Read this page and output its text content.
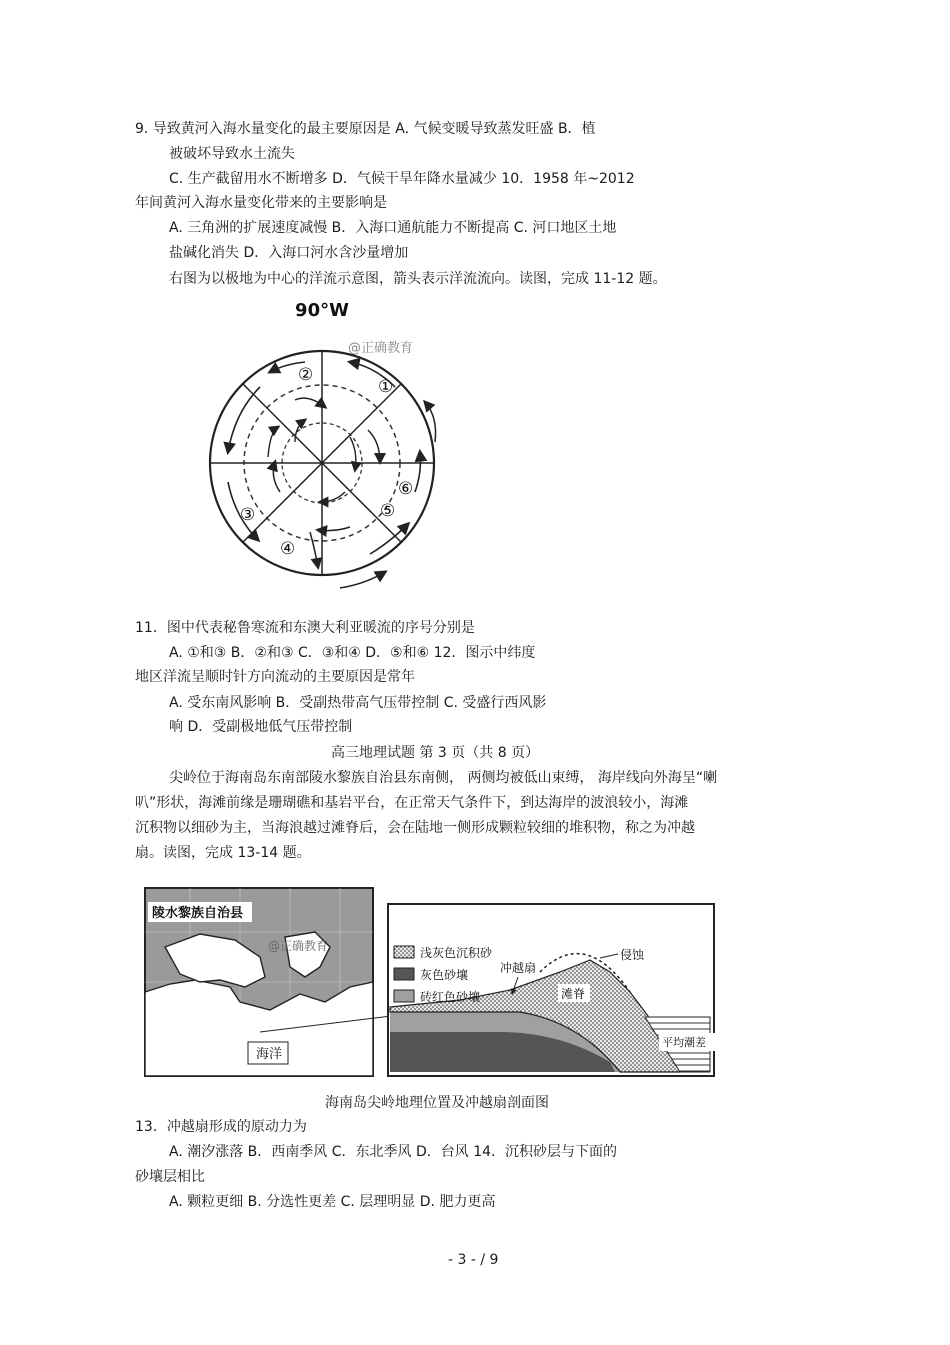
9. 导致黄河入海水量变化的最主要原因是 A. 气候变暖导致蒸发旺盛 B．植
被破坏导致水土流失
C. 生产截留用水不断增多 D．气候干旱年降水量减少 10．1958 年~2012
年间黄河入海水量变化带来的主要影响是
A. 三角洲的扩展速度减慢 B．入海口通航能力不断提高 C. 河口地区土地
盐碱化消失 D．入海口河水含沙量增加
右图为以极地为中心的洋流示意图，箭头表示洋流流向。读图，完成 11-12 题。
90°W
@正确教育
①
②
③
④
⑤
⑥
11．图中代表秘鲁寒流和东澳大利亚暖流的序号分别是
A. ①和③ B．②和③ C．③和④ D．⑤和⑥ 12．图示中纬度
地区洋流呈顺时针方向流动的主要原因是常年
A. 受东南风影响 B．受副热带高气压带控制 C. 受盛行西风影
响 D．受副极地低气压带控制
高三地理试题 第 3 页（共 8 页）
尖岭位于海南岛东南部陵水黎族自治县东南侧， 两侧均被低山束缚， 海岸线向外海呈“喇
叭”形状，海滩前缘是珊瑚礁和基岩平台，在正常天气条件下，到达海岸的波浪较小，海滩
沉积物以细砂为主，当海浪越过滩脊后，会在陆地一侧形成颗粒较细的堆积物，称之为冲越
扇。读图，完成 13-14 题。
陵水黎族自治县
@正确教育
海洋
浅灰色沉积砂
灰色砂壤
砖红色砂壤
侵蚀
冲越扇
滩脊
平均潮差
海南岛尖岭地理位置及冲越扇剖面图
13．冲越扇形成的原动力为
A. 潮汐涨落 B．西南季风 C．东北季风 D．台风 14．沉积砂层与下面的
砂壤层相比
A. 颗粒更细 B. 分选性更差 C. 层理明显 D. 肥力更高
- 3 - / 9
